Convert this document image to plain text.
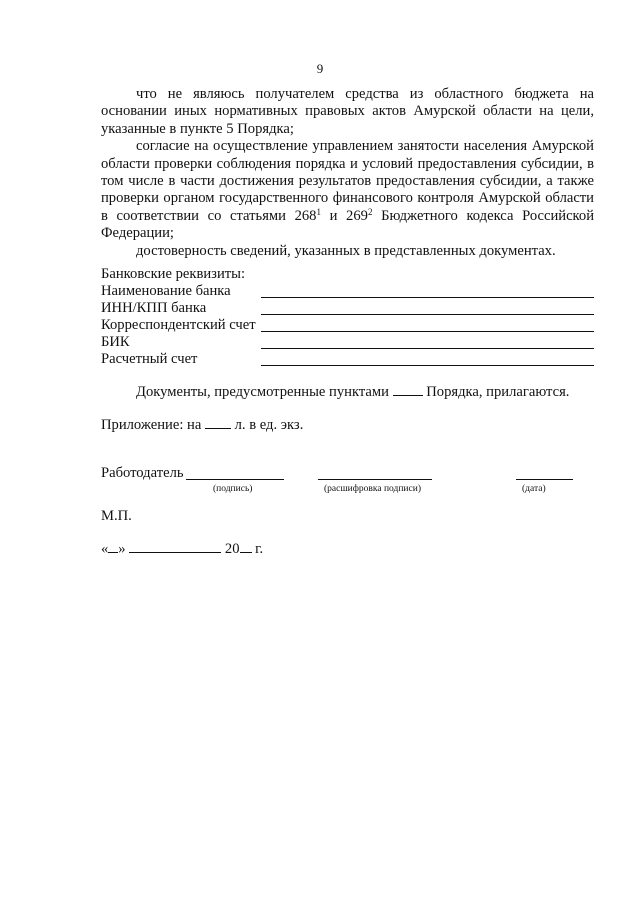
9

что не являюсь получателем средства из областного бюджета на основании иных нормативных правовых актов Амурской области на цели, указанные в пункте 5 Порядка;

согласие на осуществление управлением занятости населения Амурской области проверки соблюдения порядка и условий предоставления субсидии, в том числе в части достижения результатов предоставления субсидии, а также проверки органом государственного финансового контроля Амурской области в соответствии со статьями $268^1$ и $269^2$ Бюджетного кодекса Российской Федерации;

достоверность сведений, указанных в представленных документах.

Банковские реквизиты:
Наименование банка
ИНН/КПП банка
Корреспондентский счет
БИК
Расчетный счет
Документы, предусмотренные пунктами	Порядка, прилагаются.
Приложение: на л. в ед. экз.
Работодатель
(подпись)	(расшифровка подписи)	(дата)
М.П.
« »	20 г.
